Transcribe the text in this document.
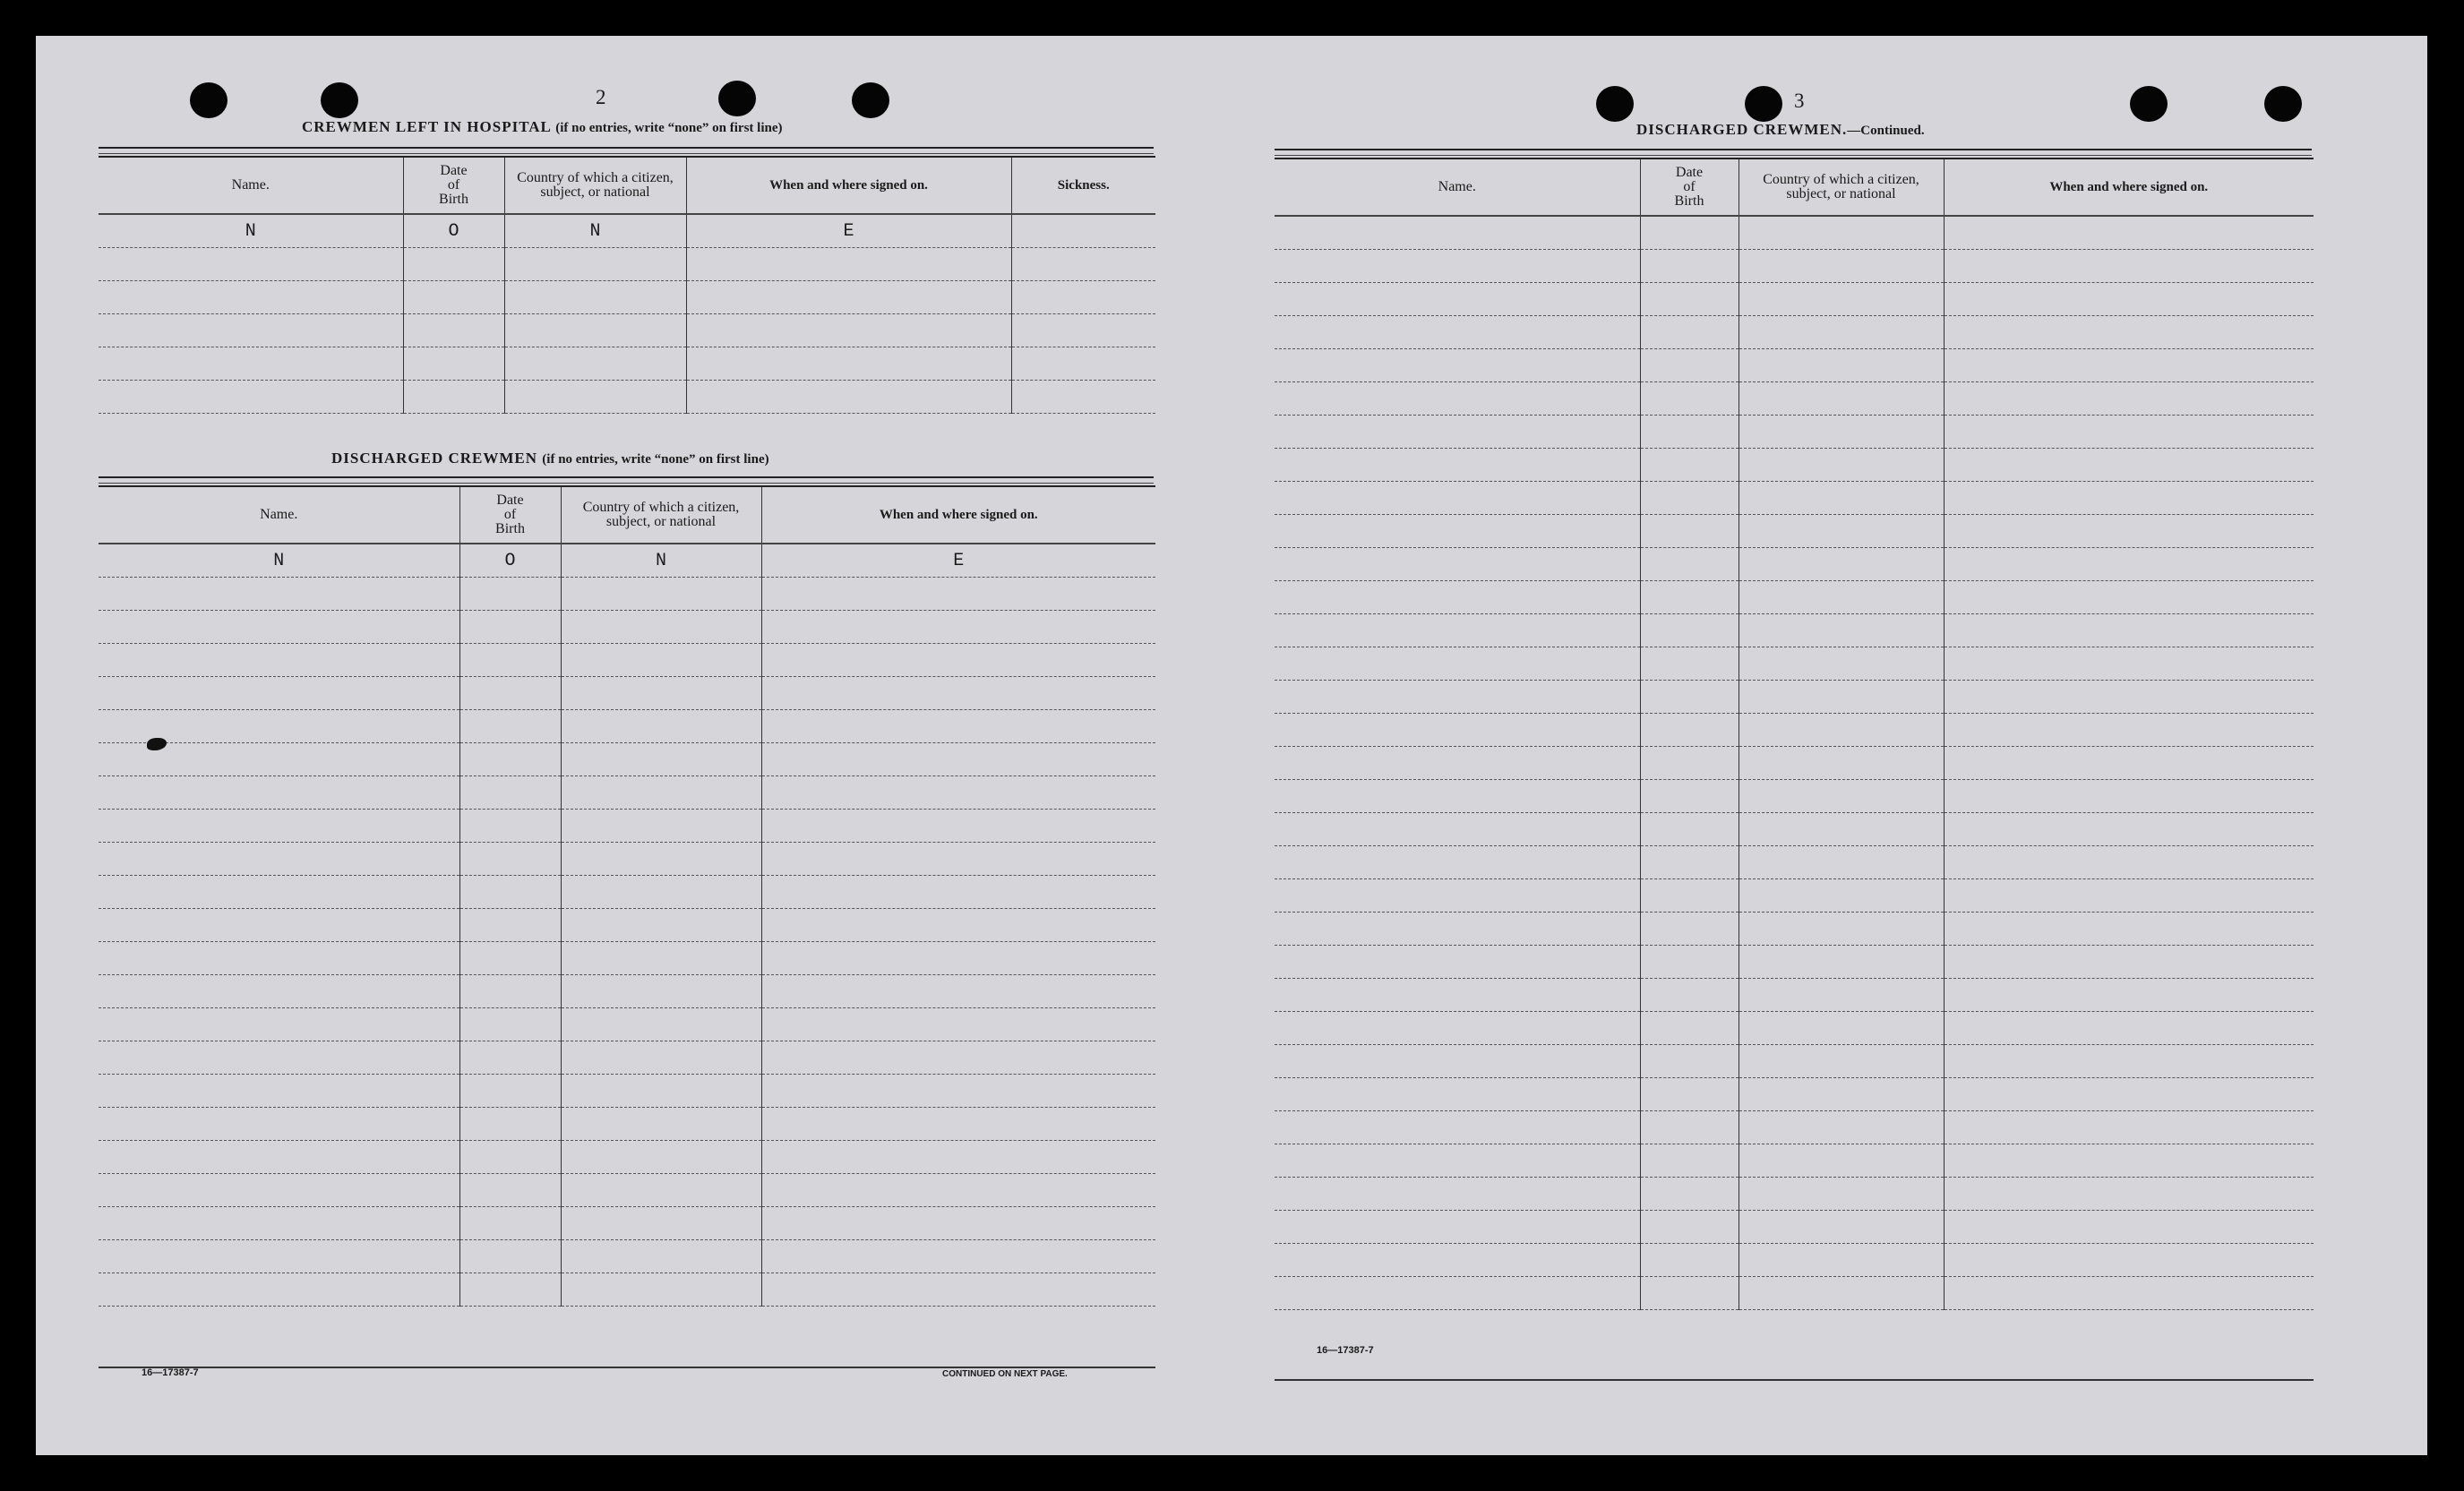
2
CREWMEN LEFT IN HOSPITAL (if no entries, write “none” on first line)
Name.	Date of Birth	Country of which a citizen, subject, or national	When and where signed on.	Sickness.
N	O	N	E	

DISCHARGED CREWMEN (if no entries, write “none” on first line)
Name.	Date of Birth	Country of which a citizen, subject, or national	When and where signed on.
N	O	N	E

16—17387-7	CONTINUED ON NEXT PAGE.
3
DISCHARGED CREWMEN.—Continued.
Name.	Date of Birth	Country of which a citizen, subject, or national	When and where signed on.

16—17387-7
